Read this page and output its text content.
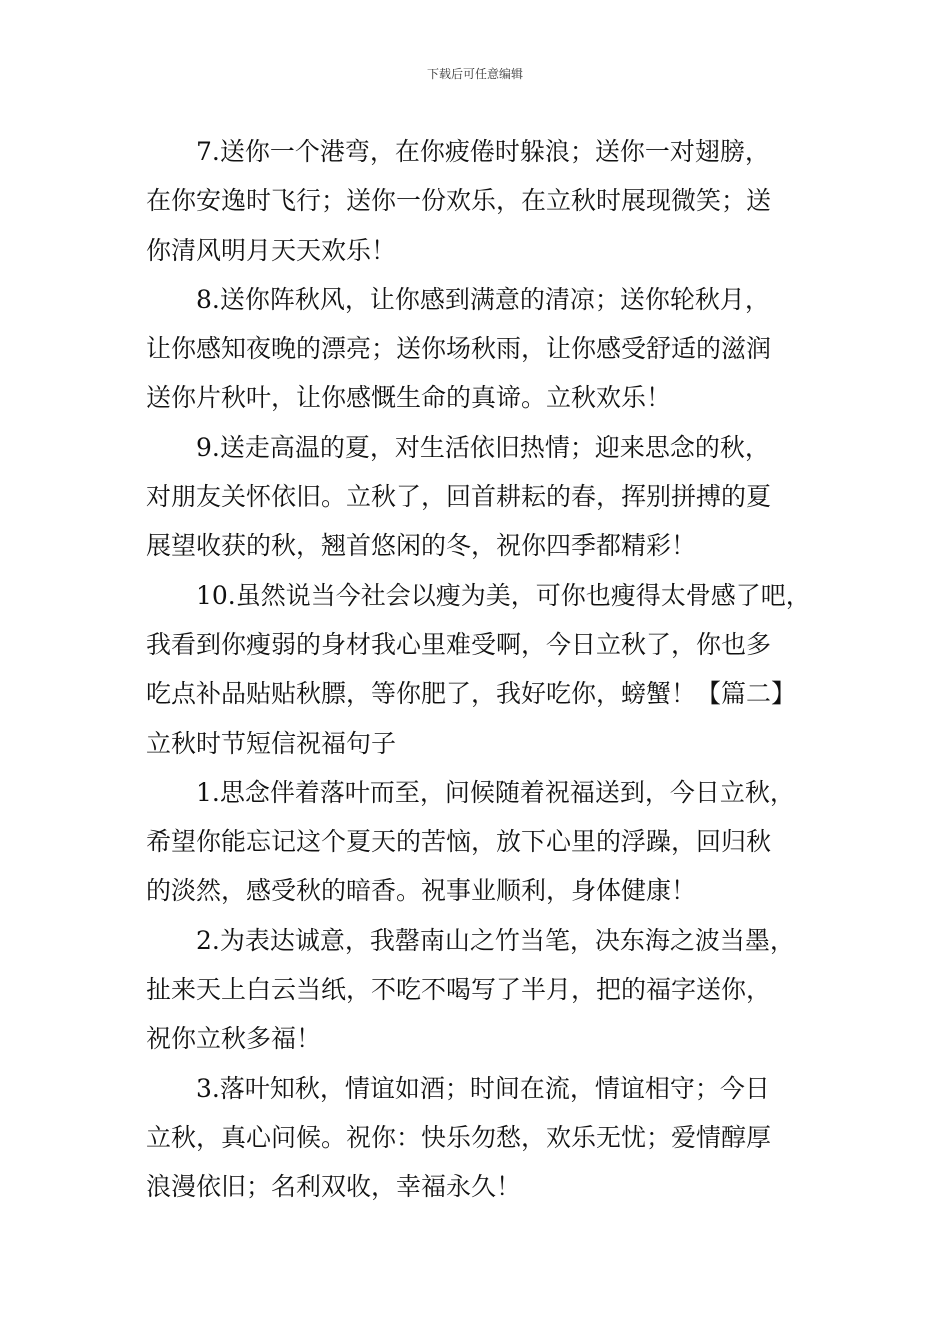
下载后可任意编辑
7.送你一个港弯，在你疲倦时躲浪；送你一对翅膀，
在你安逸时飞行；送你一份欢乐，在立秋时展现微笑；送
你清风明月天天欢乐！
8.送你阵秋风，让你感到满意的清凉；送你轮秋月，
让你感知夜晚的漂亮；送你场秋雨，让你感受舒适的滋润
送你片秋叶，让你感慨生命的真谛。立秋欢乐！
9.送走高温的夏，对生活依旧热情；迎来思念的秋，
对朋友关怀依旧。立秋了，回首耕耘的春，挥别拼搏的夏
展望收获的秋，翘首悠闲的冬，祝你四季都精彩！
10.虽然说当今社会以瘦为美，可你也瘦得太骨感了吧，
我看到你瘦弱的身材我心里难受啊，今日立秋了，你也多
吃点补品贴贴秋膘，等你肥了，我好吃你，螃蟹！【篇二】
立秋时节短信祝福句子
1.思念伴着落叶而至，问候随着祝福送到，今日立秋，
希望你能忘记这个夏天的苦恼，放下心里的浮躁，回归秋
的淡然，感受秋的暗香。祝事业顺利，身体健康！
2.为表达诚意，我罄南山之竹当笔，决东海之波当墨，
扯来天上白云当纸，不吃不喝写了半月，把的福字送你，
祝你立秋多福！
3.落叶知秋，情谊如酒；时间在流，情谊相守；今日
立秋，真心问候。祝你：快乐勿愁，欢乐无忧；爱情醇厚
浪漫依旧；名利双收，幸福永久！
